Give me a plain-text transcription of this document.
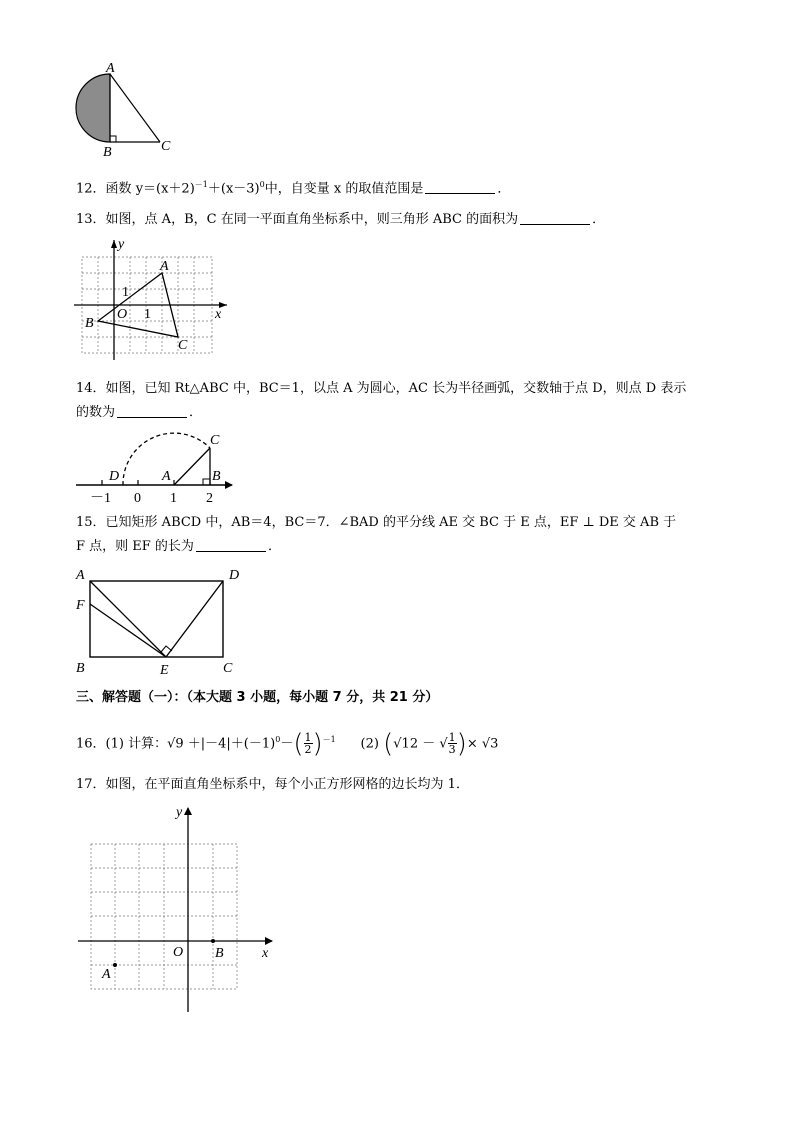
A
B	C
12．函数 $y=(x+2)^{-1}+(x-3)^0$中，自变量 x 的取值范围是	．
13．如图，点 A，B，C 在同一平面直角坐标系中，则三角形 ABC 的面积为	．
y
x
A
B
C
O 1
1
14．如图，已知 Rt△ABC 中，BC＝1，以点 A 为圆心，AC 长为半径画弧，交数轴于点 D，则点 D 表示
的数为	．
D	A	B
C
－1 0 1 2
15．已知矩形 ABCD 中，AB＝4，BC＝7．∠BAD 的平分线 AE 交 BC 于 E 点，EF ⊥ DE 交 AB 于
F 点，则 EF 的长为	．
A	D
F
B	E	C
三、解答题（一）：（本大题 3 小题，每小题 7 分，共 21 分）
16．(1) 计算：$√9 +|-4|+(-1)^0-( \frac{1}{2} )^{-1}$ (2) (√12 － √ $\frac{1}{3}$ )× √3
17．如图，在平面直角坐标系中，每个小正方形网格的边长均为 1．
y
x
O
A
B
